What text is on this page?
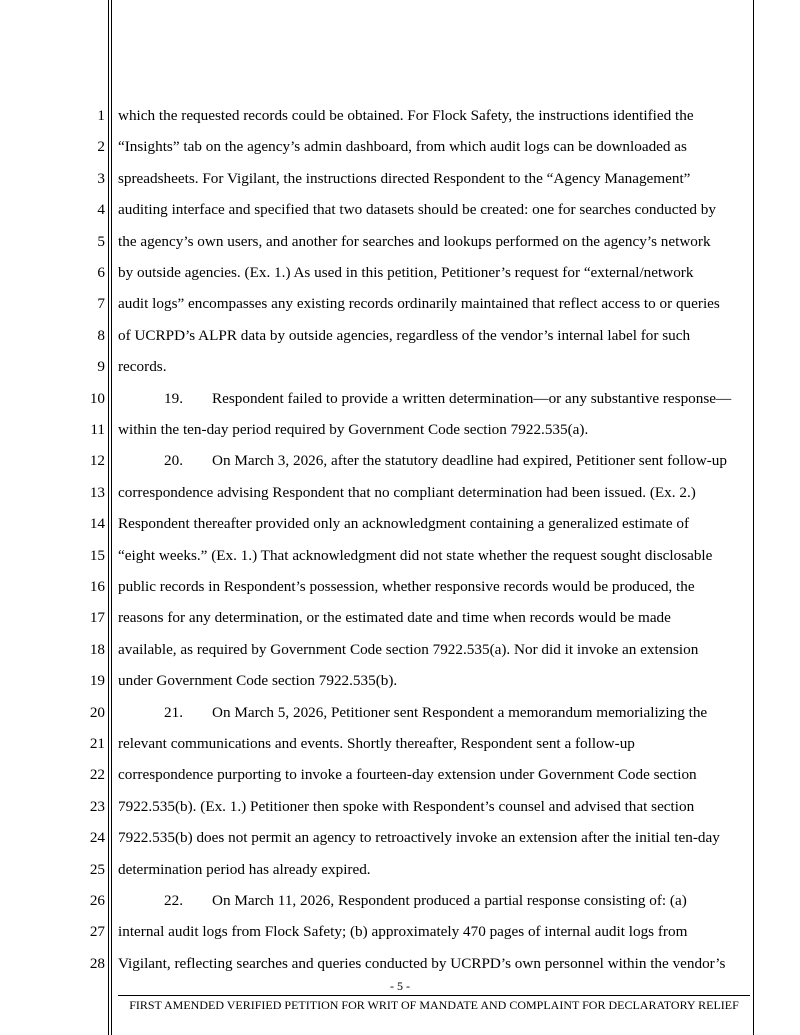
1 which the requested records could be obtained. For Flock Safety, the instructions identified the
2 “Insights” tab on the agency’s admin dashboard, from which audit logs can be downloaded as
3 spreadsheets. For Vigilant, the instructions directed Respondent to the “Agency Management”
4 auditing interface and specified that two datasets should be created: one for searches conducted by
5 the agency’s own users, and another for searches and lookups performed on the agency’s network
6 by outside agencies. (Ex. 1.) As used in this petition, Petitioner’s request for “external/network
7 audit logs” encompasses any existing records ordinarily maintained that reflect access to or queries
8 of UCRPD’s ALPR data by outside agencies, regardless of the vendor’s internal label for such
9 records.
10	19. Respondent failed to provide a written determination—or any substantive response—
11 within the ten-day period required by Government Code section 7922.535(a).
12	20. On March 3, 2026, after the statutory deadline had expired, Petitioner sent follow-up
13 correspondence advising Respondent that no compliant determination had been issued. (Ex. 2.)
14 Respondent thereafter provided only an acknowledgment containing a generalized estimate of
15 “eight weeks.” (Ex. 1.) That acknowledgment did not state whether the request sought disclosable
16 public records in Respondent’s possession, whether responsive records would be produced, the
17 reasons for any determination, or the estimated date and time when records would be made
18 available, as required by Government Code section 7922.535(a). Nor did it invoke an extension
19 under Government Code section 7922.535(b).
20	21. On March 5, 2026, Petitioner sent Respondent a memorandum memorializing the
21 relevant communications and events. Shortly thereafter, Respondent sent a follow-up
22 correspondence purporting to invoke a fourteen-day extension under Government Code section
23 7922.535(b). (Ex. 1.) Petitioner then spoke with Respondent’s counsel and advised that section
24 7922.535(b) does not permit an agency to retroactively invoke an extension after the initial ten-day
25 determination period has already expired.
26	22. On March 11, 2026, Respondent produced a partial response consisting of: (a)
27 internal audit logs from Flock Safety; (b) approximately 470 pages of internal audit logs from
28 Vigilant, reflecting searches and queries conducted by UCRPD’s own personnel within the vendor’s
- 5 -
FIRST AMENDED VERIFIED PETITION FOR WRIT OF MANDATE AND COMPLAINT FOR DECLARATORY RELIEF
